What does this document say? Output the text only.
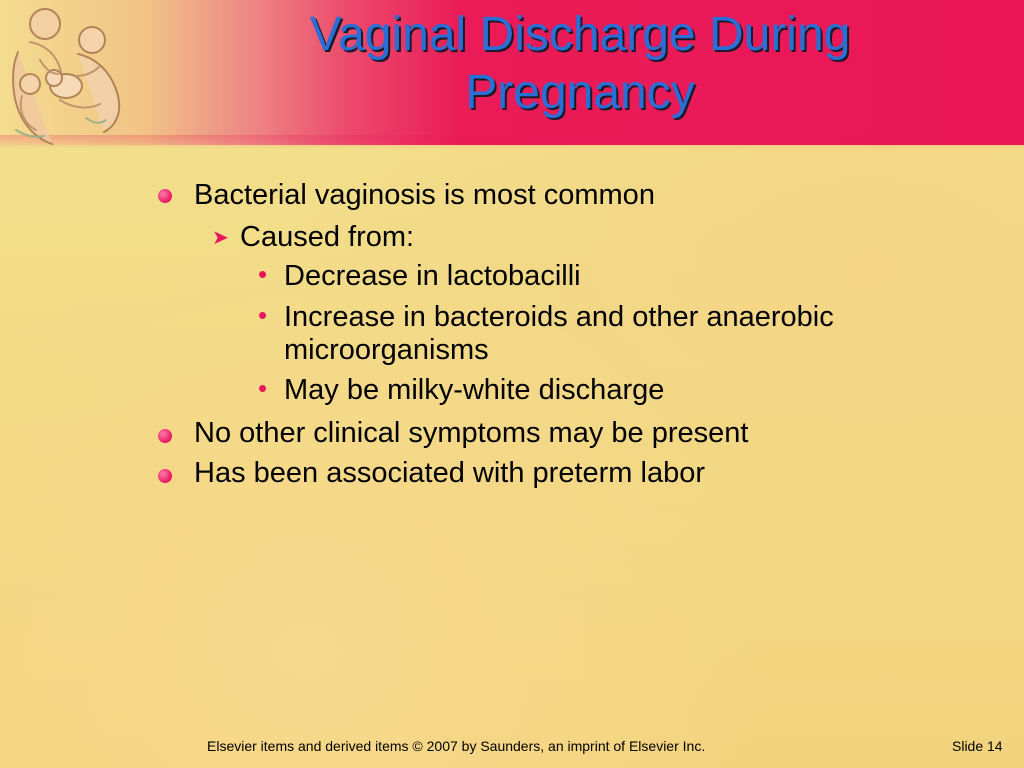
Vaginal Discharge During
Pregnancy
Bacterial vaginosis is most common
➤ Caused from:
• Decrease in lactobacilli
• Increase in bacteroids and other anaerobic
microorganisms
• May be milky-white discharge
No other clinical symptoms may be present
Has been associated with preterm labor
Elsevier items and derived items © 2007 by Saunders, an imprint of Elsevier Inc.	Slide 14
